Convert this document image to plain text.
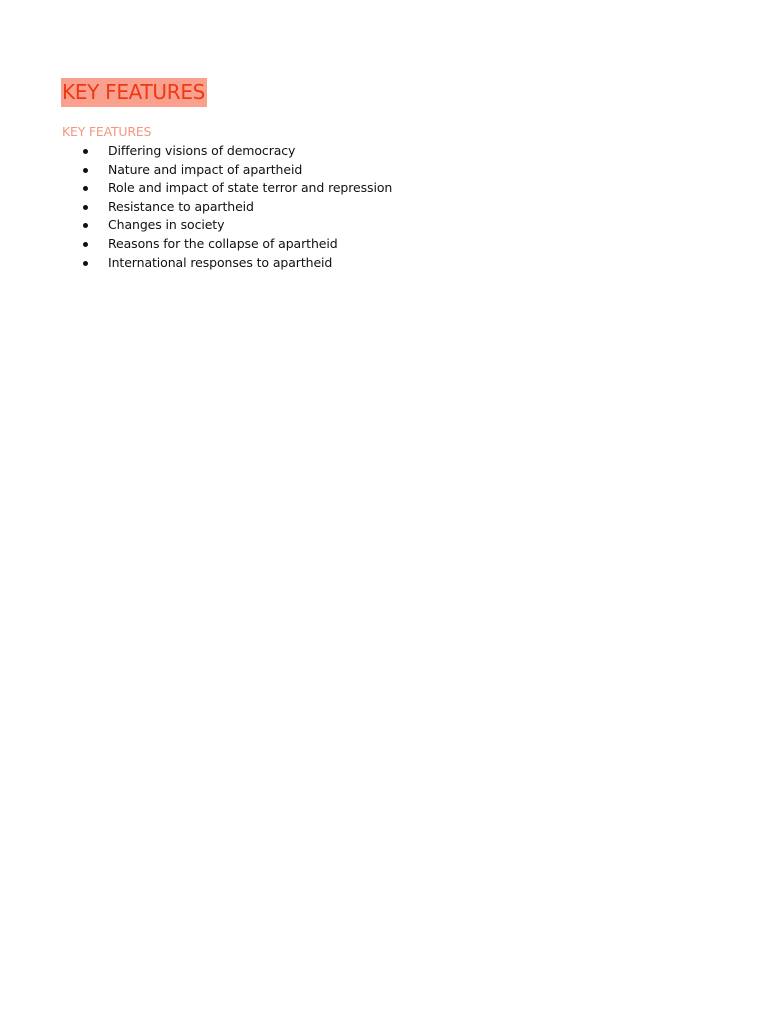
KEY FEATURES
KEY FEATURES
Differing visions of democracy
Nature and impact of apartheid
Role and impact of state terror and repression
Resistance to apartheid
Changes in society
Reasons for the collapse of apartheid
International responses to apartheid
